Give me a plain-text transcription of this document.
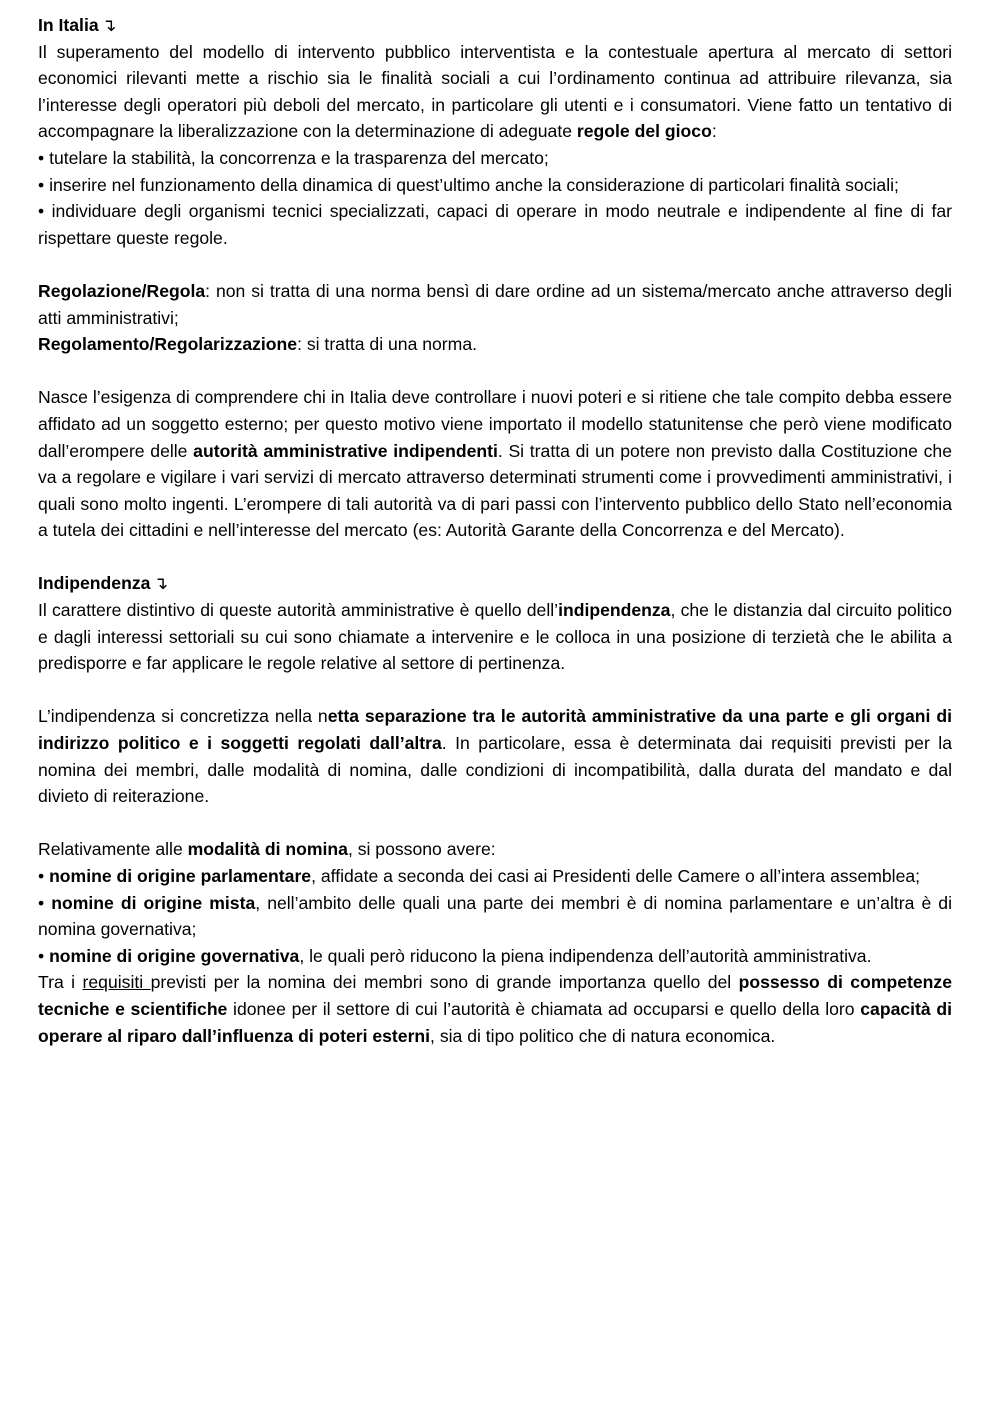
In Italia ↴

Il superamento del modello di intervento pubblico interventista e la contestuale apertura al mercato di settori economici rilevanti mette a rischio sia le finalità sociali a cui l’ordinamento continua ad attribuire rilevanza, sia l’interesse degli operatori più deboli del mercato, in particolare gli utenti e i consumatori. Viene fatto un tentativo di accompagnare la liberalizzazione con la determinazione di adeguate regole del gioco:

• tutelare la stabilità, la concorrenza e la trasparenza del mercato;

• inserire nel funzionamento della dinamica di quest’ultimo anche la considerazione di particolari finalità sociali;

• individuare degli organismi tecnici specializzati, capaci di operare in modo neutrale e indipendente al fine di far rispettare queste regole.

Regolazione/Regola: non si tratta di una norma bensì di dare ordine ad un sistema/mercato anche attraverso degli atti amministrativi;

Regolamento/Regolarizzazione: si tratta di una norma.

Nasce l’esigenza di comprendere chi in Italia deve controllare i nuovi poteri e si ritiene che tale compito debba essere affidato ad un soggetto esterno; per questo motivo viene importato il modello statunitense che però viene modificato dall’erompere delle autorità amministrative indipendenti. Si tratta di un potere non previsto dalla Costituzione che va a regolare e vigilare i vari servizi di mercato attraverso determinati strumenti come i provvedimenti amministrativi, i quali sono molto ingenti. L’erompere di tali autorità va di pari passi con l’intervento pubblico dello Stato nell’economia a tutela dei cittadini e nell’interesse del mercato (es: Autorità Garante della Concorrenza e del Mercato).

Indipendenza ↴

Il carattere distintivo di queste autorità amministrative è quello dell’indipendenza, che le distanzia dal circuito politico e dagli interessi settoriali su cui sono chiamate a intervenire e le colloca in una posizione di terzietà che le abilita a predisporre e far applicare le regole relative al settore di pertinenza.

L’indipendenza si concretizza nella netta separazione tra le autorità amministrative da una parte e gli organi di indirizzo politico e i soggetti regolati dall’altra. In particolare, essa è determinata dai requisiti previsti per la nomina dei membri, dalle modalità di nomina, dalle condizioni di incompatibilità, dalla durata del mandato e dal divieto di reiterazione.

Relativamente alle modalità di nomina, si possono avere:

• nomine di origine parlamentare, affidate a seconda dei casi ai Presidenti delle Camere o all’intera assemblea;

• nomine di origine mista, nell’ambito delle quali una parte dei membri è di nomina parlamentare e un’altra è di nomina governativa;

• nomine di origine governativa, le quali però riducono la piena indipendenza dell’autorità amministrativa.

Tra i requisiti previsti per la nomina dei membri sono di grande importanza quello del possesso di competenze tecniche e scientifiche idonee per il settore di cui l’autorità è chiamata ad occuparsi e quello della loro capacità di operare al riparo dall’influenza di poteri esterni, sia di tipo politico che di natura economica.
